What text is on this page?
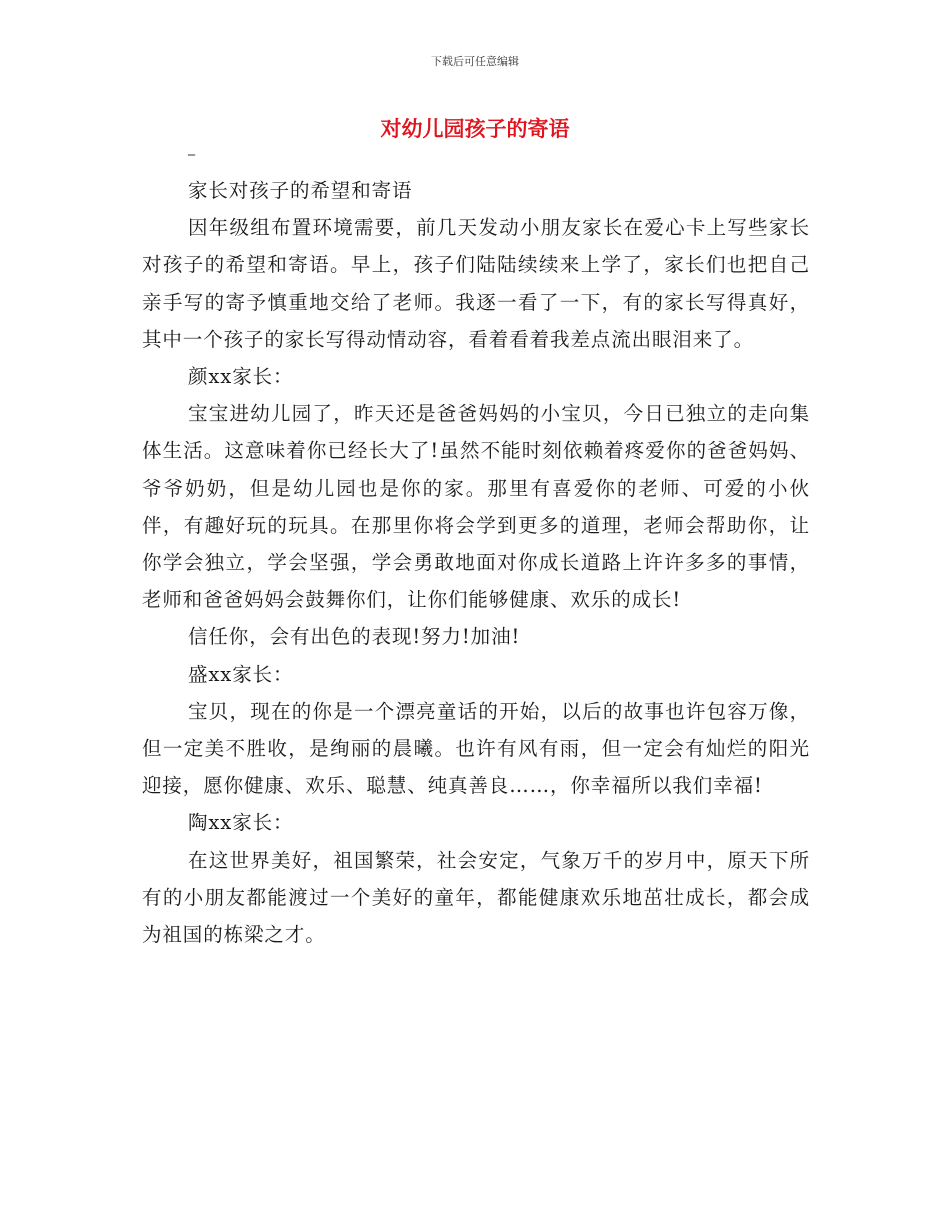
下载后可任意编辑
对幼儿园孩子的寄语
_

家长对孩子的希望和寄语

因年级组布置环境需要，前几天发动小朋友家长在爱心卡上写些家长对孩子的希望和寄语。早上，孩子们陆陆续续来上学了，家长们也把自己亲手写的寄予慎重地交给了老师。我逐一看了一下，有的家长写得真好，其中一个孩子的家长写得动情动容，看着看着我差点流出眼泪来了。

颜xx家长：

宝宝进幼儿园了，昨天还是爸爸妈妈的小宝贝，今日已独立的走向集体生活。这意味着你已经长大了!虽然不能时刻依赖着疼爱你的爸爸妈妈、爷爷奶奶，但是幼儿园也是你的家。那里有喜爱你的老师、可爱的小伙伴，有趣好玩的玩具。在那里你将会学到更多的道理，老师会帮助你，让你学会独立，学会坚强，学会勇敢地面对你成长道路上许许多多的事情，老师和爸爸妈妈会鼓舞你们，让你们能够健康、欢乐的成长!

信任你，会有出色的表现!努力!加油!

盛xx家长：

宝贝，现在的你是一个漂亮童话的开始，以后的故事也许包容万像，但一定美不胜收，是绚丽的晨曦。也许有风有雨，但一定会有灿烂的阳光迎接，愿你健康、欢乐、聪慧、纯真善良……，你幸福所以我们幸福!

陶xx家长：

在这世界美好，祖国繁荣，社会安定，气象万千的岁月中，原天下所有的小朋友都能渡过一个美好的童年，都能健康欢乐地茁壮成长，都会成为祖国的栋梁之才。
